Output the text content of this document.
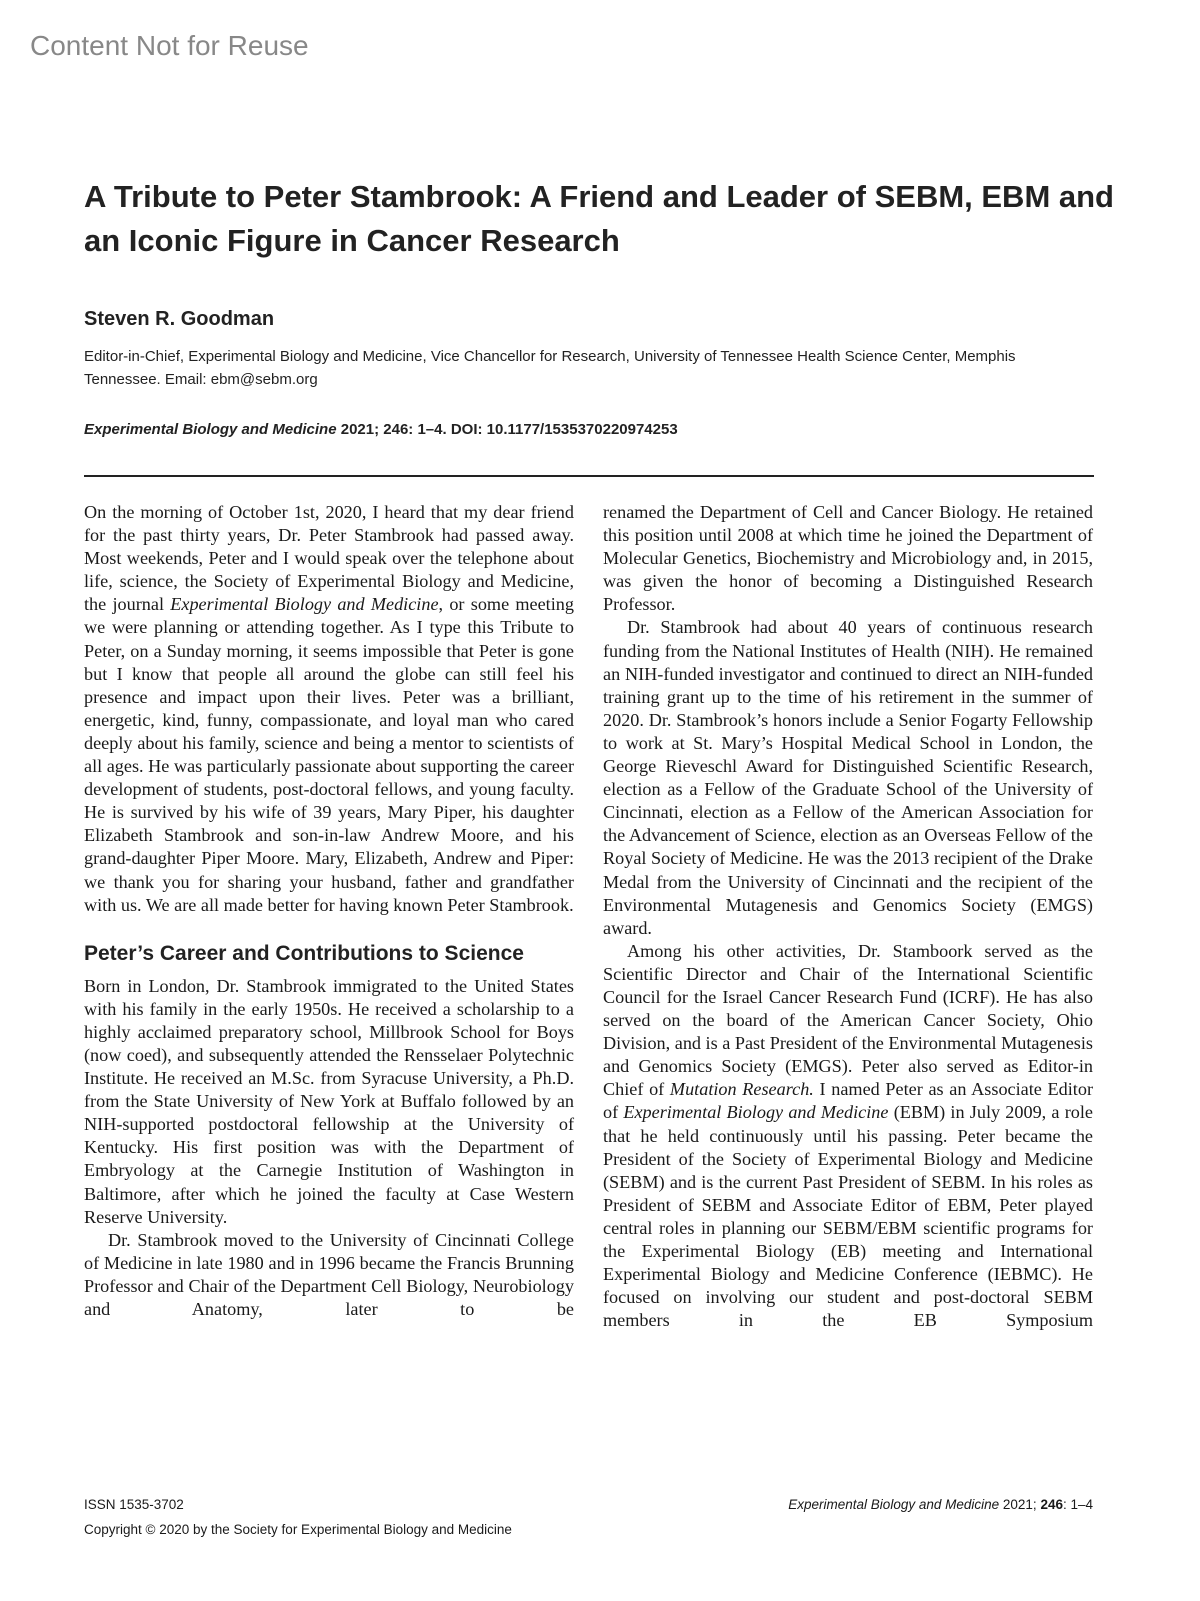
Content Not for Reuse
A Tribute to Peter Stambrook: A Friend and Leader of SEBM, EBM and an Iconic Figure in Cancer Research
Steven R. Goodman
Editor-in-Chief, Experimental Biology and Medicine, Vice Chancellor for Research, University of Tennessee Health Science Center, Memphis Tennessee. Email: ebm@sebm.org
Experimental Biology and Medicine 2021; 246: 1–4. DOI: 10.1177/1535370220974253

On the morning of October 1st, 2020, I heard that my dear friend for the past thirty years, Dr. Peter Stambrook had passed away. Most weekends, Peter and I would speak over the telephone about life, science, the Society of Experimental Biology and Medicine, the journal Experimental Biology and Medicine, or some meeting we were planning or attending together. As I type this Tribute to Peter, on a Sunday morning, it seems impossible that Peter is gone but I know that people all around the globe can still feel his presence and impact upon their lives. Peter was a brilliant, energetic, kind, funny, compassionate, and loyal man who cared deeply about his family, science and being a mentor to scientists of all ages. He was particularly passionate about supporting the career development of students, post-doctoral fellows, and young faculty. He is survived by his wife of 39 years, Mary Piper, his daughter Elizabeth Stambrook and son-in-law Andrew Moore, and his grand-daughter Piper Moore. Mary, Elizabeth, Andrew and Piper: we thank you for sharing your husband, father and grandfather with us. We are all made better for having known Peter Stambrook.

Peter’s Career and Contributions to Science

Born in London, Dr. Stambrook immigrated to the United States with his family in the early 1950s. He received a scholarship to a highly acclaimed preparatory school, Millbrook School for Boys (now coed), and subsequently attended the Rensselaer Polytechnic Institute. He received an M.Sc. from Syracuse University, a Ph.D. from the State University of New York at Buffalo followed by an NIH-supported postdoctoral fellowship at the University of Kentucky. His first position was with the Department of Embryology at the Carnegie Institution of Washington in Baltimore, after which he joined the faculty at Case Western Reserve University.

Dr. Stambrook moved to the University of Cincinnati College of Medicine in late 1980 and in 1996 became the Francis Brunning Professor and Chair of the Department Cell Biology, Neurobiology and Anatomy, later to be

renamed the Department of Cell and Cancer Biology. He retained this position until 2008 at which time he joined the Department of Molecular Genetics, Biochemistry and Microbiology and, in 2015, was given the honor of becoming a Distinguished Research Professor.

Dr. Stambrook had about 40 years of continuous research funding from the National Institutes of Health (NIH). He remained an NIH-funded investigator and continued to direct an NIH-funded training grant up to the time of his retirement in the summer of 2020. Dr. Stambrook’s honors include a Senior Fogarty Fellowship to work at St. Mary’s Hospital Medical School in London, the George Rieveschl Award for Distinguished Scientific Research, election as a Fellow of the Graduate School of the University of Cincinnati, election as a Fellow of the American Association for the Advancement of Science, election as an Overseas Fellow of the Royal Society of Medicine. He was the 2013 recipient of the Drake Medal from the University of Cincinnati and the recipient of the Environmental Mutagenesis and Genomics Society (EMGS) award.

Among his other activities, Dr. Stamboork served as the Scientific Director and Chair of the International Scientific Council for the Israel Cancer Research Fund (ICRF). He has also served on the board of the American Cancer Society, Ohio Division, and is a Past President of the Environmental Mutagenesis and Genomics Society (EMGS). Peter also served as Editor-in Chief of Mutation Research. I named Peter as an Associate Editor of Experimental Biology and Medicine (EBM) in July 2009, a role that he held continuously until his passing. Peter became the President of the Society of Experimental Biology and Medicine (SEBM) and is the current Past President of SEBM. In his roles as President of SEBM and Associate Editor of EBM, Peter played central roles in planning our SEBM/EBM scientific programs for the Experimental Biology (EB) meeting and International Experimental Biology and Medicine Conference (IEBMC). He focused on involving our student and post-doctoral SEBM members in the EB Symposium

ISSN 1535-3702
Copyright © 2020 by the Society for Experimental Biology and Medicine
Experimental Biology and Medicine 2021; 246: 1–4
